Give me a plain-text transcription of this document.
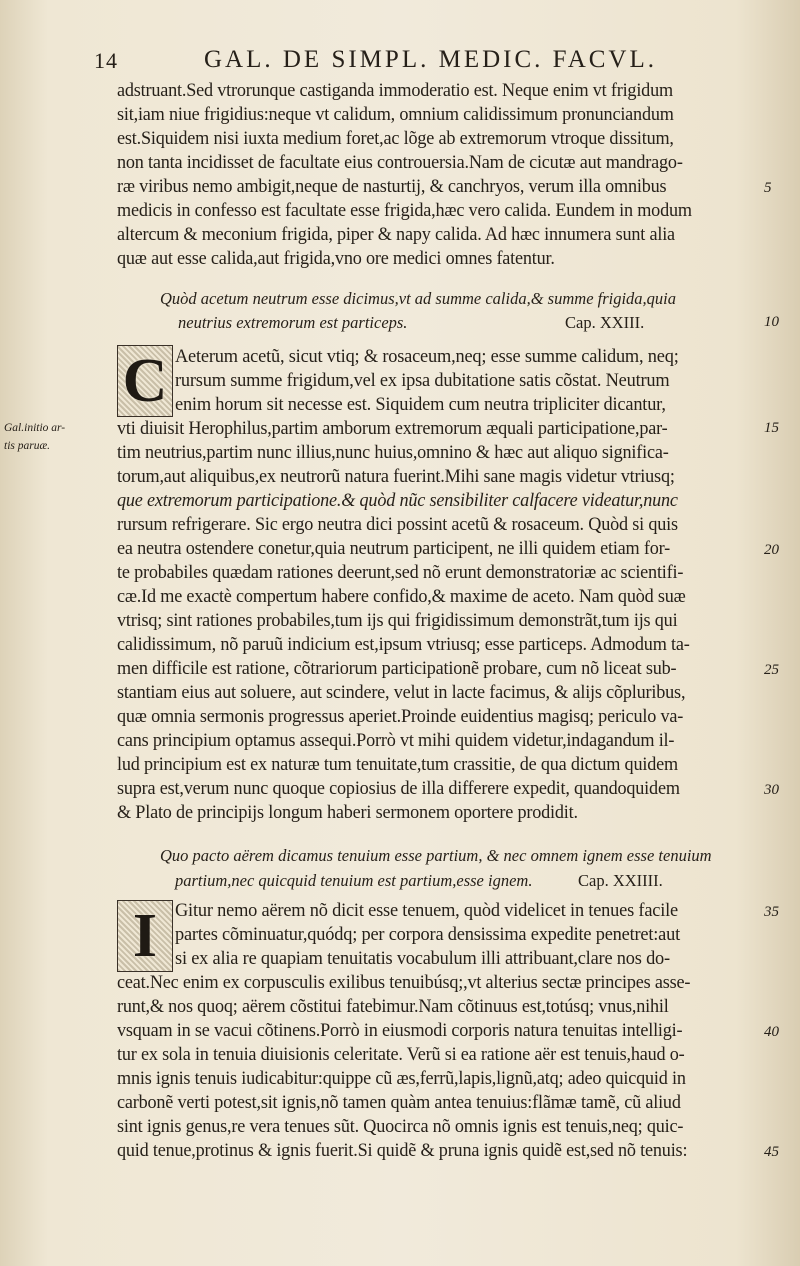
14	GAL. DE SIMPL. MEDIC. FACVL.
adstruant.Sed vtrorunque castiganda immoderatio est. Neque enim vt frigidum
sit,iam niue frigidius:neque vt calidum, omnium calidissimum pronunciandum
est.Siquidem nisi iuxta medium foret,ac lõge ab extremorum vtroque dissitum,
non tanta incidisset de facultate eius controuersia.Nam de cicutæ aut mandrago-
ræ viribus nemo ambigit,neque de nasturtij, & canchryos, verum illa omnibus
medicis in confesso est facultate esse frigida,hæc vero calida. Eundem in modum
altercum & meconium frigida, piper & napy calida. Ad hæc innumera sunt alia
quæ aut esse calida,aut frigida,vno ore medici omnes fatentur.
Quòd acetum neutrum esse dicimus,vt ad summe calida,& summe frigida,quia
neutrius extremorum est particeps.	Cap. XXIII.
C Aeterum acetũ, sicut vtiq; & rosaceum,neq; esse summe calidum, neq;
rursum summe frigidum,vel ex ipsa dubitatione satis cõstat. Neutrum
enim horum sit necesse est. Siquidem cum neutra tripliciter dicantur,
Gal.initio ar-
tis paruæ.
vti diuisit Herophilus,partim amborum extremorum æquali participatione,par-
tim neutrius,partim nunc illius,nunc huius,omnino & hæc aut aliquo significa-
torum,aut aliquibus,ex neutrorũ natura fuerint.Mihi sane magis videtur vtriusq;
que extremorum participatione.& quòd nũc sensibiliter calfacere videatur,nunc
rursum refrigerare. Sic ergo neutra dici possint acetũ & rosaceum. Quòd si quis
ea neutra ostendere conetur,quia neutrum participent, ne illi quidem etiam for-
te probabiles quædam rationes deerunt,sed nõ erunt demonstratoriæ ac scientifi-
cæ.Id me exactè compertum habere confido,& maxime de aceto. Nam quòd suæ
vtrisq; sint rationes probabiles,tum ijs qui frigidissimum demonstrãt,tum ijs qui
calidissimum, nõ paruũ indicium est,ipsum vtriusq; esse particeps. Admodum ta-
men difficile est ratione, cõtrariorum participationẽ probare, cum nõ liceat sub-
stantiam eius aut soluere, aut scindere, velut in lacte facimus, & alijs cõpluribus,
quæ omnia sermonis progressus aperiet.Proinde euidentius magisq; periculo va-
cans principium optamus assequi.Porrò vt mihi quidem videtur,indagandum il-
lud principium est ex naturæ tum tenuitate,tum crassitie, de qua dictum quidem
supra est,verum nunc quoque copiosius de illa differere expedit, quandoquidem
& Plato de principijs longum haberi sermonem oportere prodidit.
Quo pacto aërem dicamus tenuium esse partium, & nec omnem ignem esse tenuium
partium,nec quicquid tenuium est partium,esse ignem.	Cap. XXIIII.
I Gitur nemo aërem nõ dicit esse tenuem, quòd videlicet in tenues facile
partes cõminuatur,quódq; per corpora densissima expedite penetret:aut
si ex alia re quapiam tenuitatis vocabulum illi attribuant,clare nos do-
ceat.Nec enim ex corpusculis exilibus tenuibúsq;,vt alterius sectæ principes asse-
runt,& nos quoq; aërem cõstitui fatebimur.Nam cõtinuus est,totúsq; vnus,nihil
vsquam in se vacui cõtinens.Porrò in eiusmodi corporis natura tenuitas intelligi-
tur ex sola in tenuia diuisionis celeritate. Verũ si ea ratione aër est tenuis,haud o-
mnis ignis tenuis iudicabitur:quippe cũ æs,ferrũ,lapis,lignũ,atq; adeo quicquid in
carbonẽ verti potest,sit ignis,nõ tamen quàm antea tenuius:flãmæ tamẽ, cũ aliud
sint ignis genus,re vera tenues sũt. Quocirca nõ omnis ignis est tenuis,neq; quic-
quid tenue,protinus & ignis fuerit.Si quidẽ & pruna ignis quidẽ est,sed nõ tenuis:
5
10
15
20
25
30
35
40
45
